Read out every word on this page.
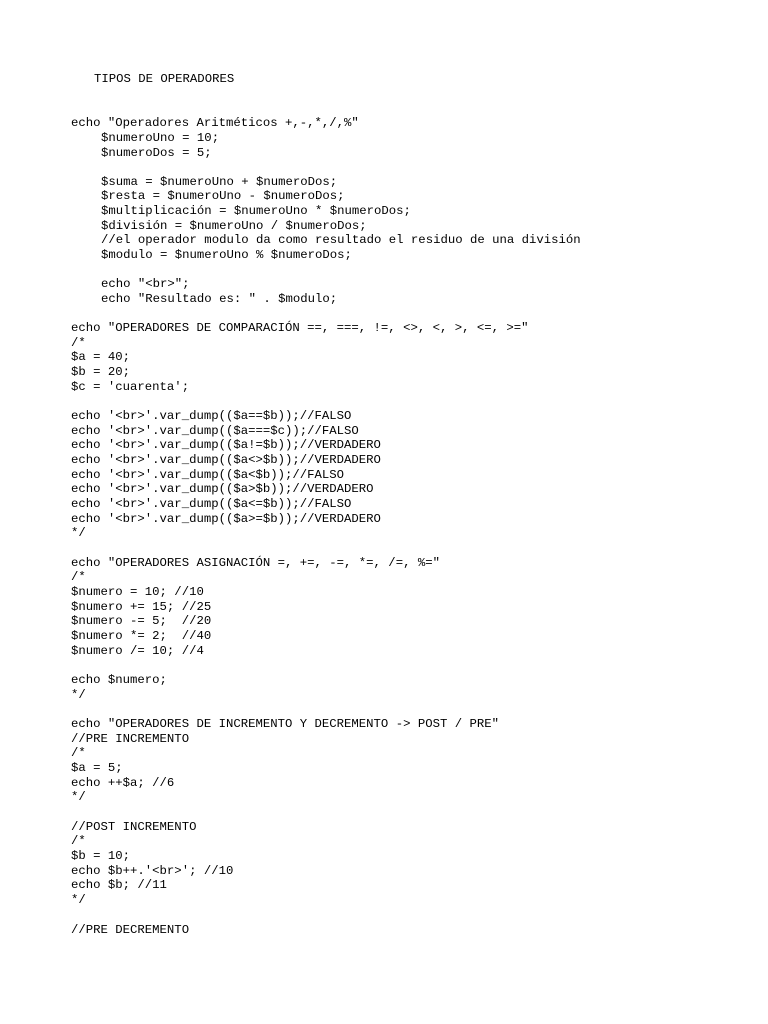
TIPOS DE OPERADORES
echo "Operadores Aritméticos +,-,*,/,%"
$numeroUno = 10;
$numeroDos = 5;
$suma = $numeroUno + $numeroDos;
$resta = $numeroUno - $numeroDos;
$multiplicación = $numeroUno * $numeroDos;
$división = $numeroUno / $numeroDos;
//el operador modulo da como resultado el residuo de una división
$modulo = $numeroUno % $numeroDos;
echo "<br>";
echo "Resultado es: " . $modulo;
echo "OPERADORES DE COMPARACIÓN ==, ===, !=, <>, <, >, <=, >="
/*
$a = 40;
$b = 20;
$c = 'cuarenta';
echo '<br>'.var_dump(($a==$b));//FALSO
echo '<br>'.var_dump(($a===$c));//FALSO
echo '<br>'.var_dump(($a!=$b));//VERDADERO
echo '<br>'.var_dump(($a<>$b));//VERDADERO
echo '<br>'.var_dump(($a<$b));//FALSO
echo '<br>'.var_dump(($a>$b));//VERDADERO
echo '<br>'.var_dump(($a<=$b));//FALSO
echo '<br>'.var_dump(($a>=$b));//VERDADERO
*/
echo "OPERADORES ASIGNACIÓN =, +=, -=, *=, /=, %="
/*
$numero = 10; //10
$numero += 15; //25
$numero -= 5;  //20
$numero *= 2;  //40
$numero /= 10; //4
echo $numero;
*/
echo "OPERADORES DE INCREMENTO Y DECREMENTO -> POST / PRE"
//PRE INCREMENTO
/*
$a = 5;
echo ++$a; //6
*/
//POST INCREMENTO
/*
$b = 10;
echo $b++.'<br>'; //10
echo $b; //11
*/
//PRE DECREMENTO
